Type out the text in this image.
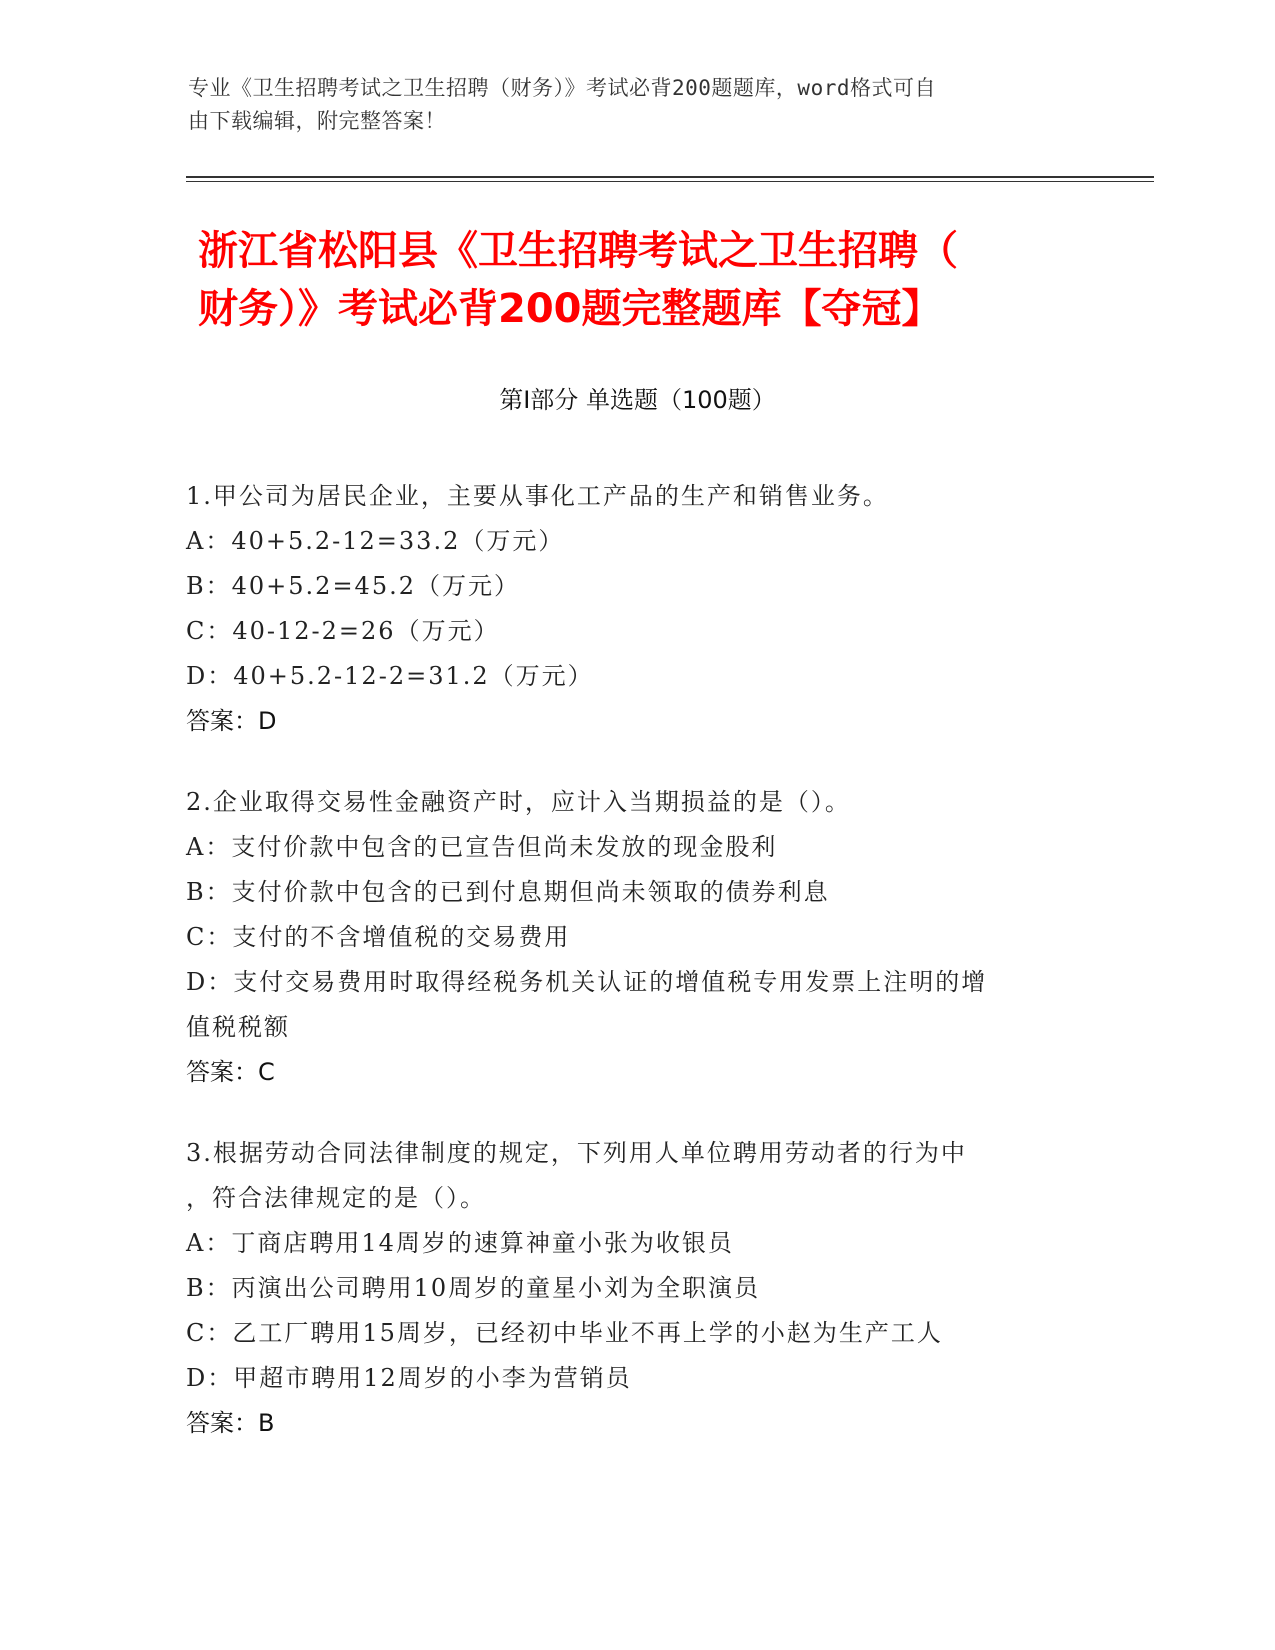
专业《卫生招聘考试之卫生招聘（财务）》考试必背200题题库，word格式可自
由下载编辑，附完整答案！
浙江省松阳县《卫生招聘考试之卫生招聘（
财务）》考试必背200题完整题库【夺冠】
第Ⅰ部分 单选题（100题）
1.甲公司为居民企业，主要从事化工产品的生产和销售业务。
A：40+5.2-12=33.2（万元）
B：40+5.2=45.2（万元）
C：40-12-2=26（万元）
D：40+5.2-12-2=31.2（万元）
答案：D
2.企业取得交易性金融资产时，应计入当期损益的是（）。
A：支付价款中包含的已宣告但尚未发放的现金股利
B：支付价款中包含的已到付息期但尚未领取的债券利息
C：支付的不含增值税的交易费用
D：支付交易费用时取得经税务机关认证的增值税专用发票上注明的增
值税税额
答案：C
3.根据劳动合同法律制度的规定，下列用人单位聘用劳动者的行为中
，符合法律规定的是（）。
A：丁商店聘用14周岁的速算神童小张为收银员
B：丙演出公司聘用10周岁的童星小刘为全职演员
C：乙工厂聘用15周岁，已经初中毕业不再上学的小赵为生产工人
D：甲超市聘用12周岁的小李为营销员
答案：B
